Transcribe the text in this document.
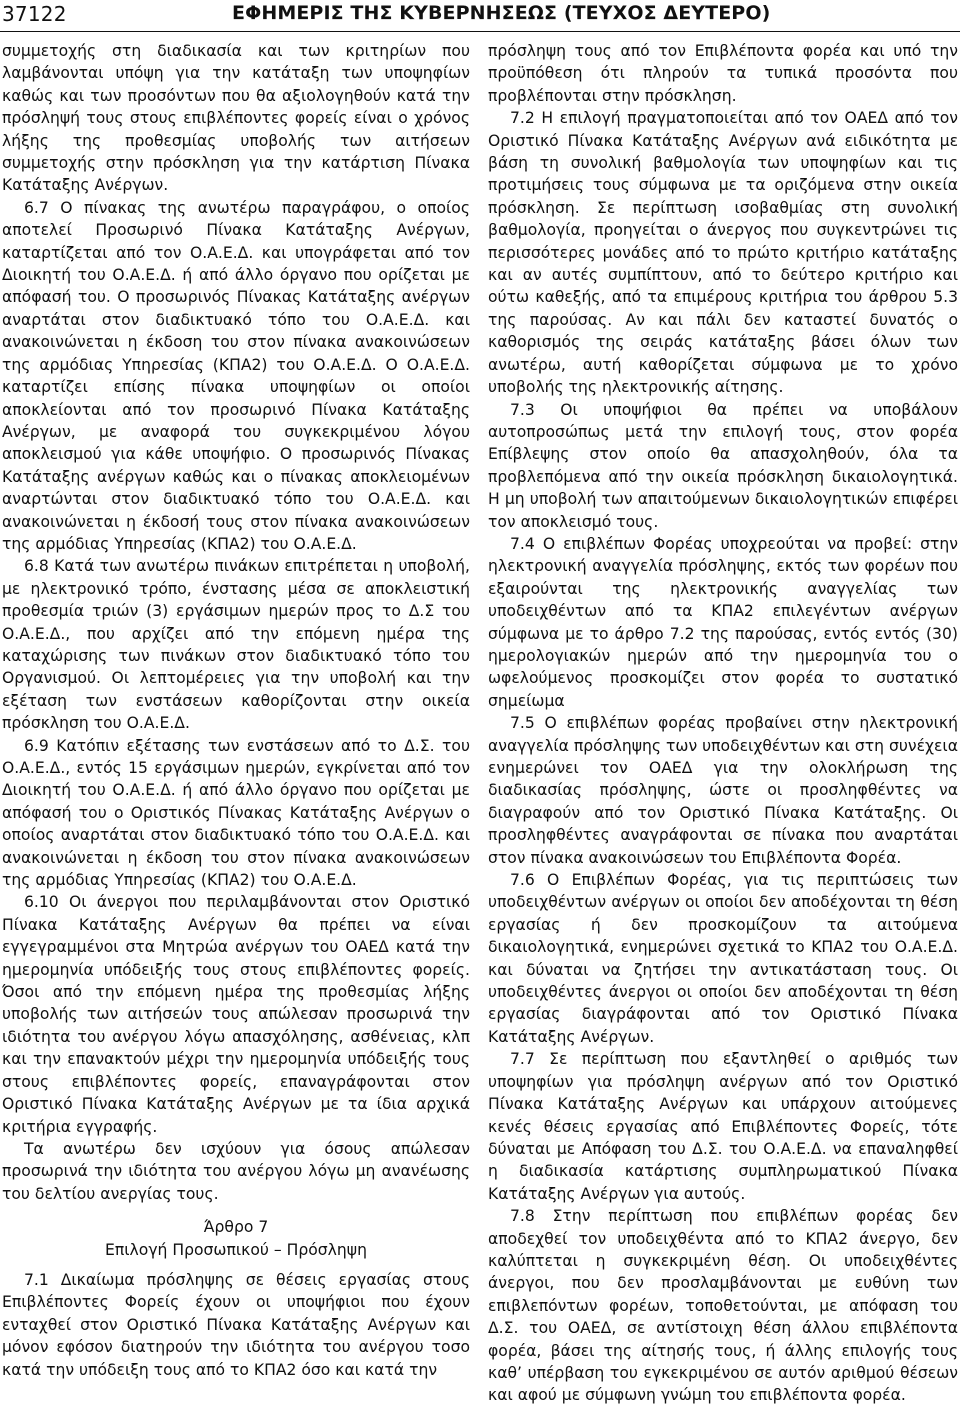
37122	ΕΦΗΜΕΡΙΣ ΤΗΣ ΚΥΒΕΡΝΗΣΕΩΣ (ΤΕΥΧΟΣ ΔΕΥΤΕΡΟ)

συμμετοχής στη διαδικασία και των κριτηρίων που λαμβάνονται υπόψη για την κατάταξη των υποψηφίων καθώς και των προσόντων που θα αξιολογηθούν κατά την πρόσληψή τους στους επιβλέποντες φορείς είναι ο χρόνος λήξης της προθεσμίας υποβολής των αιτήσεων συμμετοχής στην πρόσκληση για την κατάρτιση Πίνακα Κατάταξης Ανέργων.

6.7 Ο πίνακας της ανωτέρω παραγράφου, ο οποίος αποτελεί Προσωρινό Πίνακα Κατάταξης Ανέργων, καταρτίζεται από τον Ο.Α.Ε.Δ. και υπογράφεται από τον Διοικητή του Ο.Α.Ε.Δ. ή από άλλο όργανο που ορίζεται με απόφασή του. Ο προσωρινός Πίνακας Κατάταξης ανέργων αναρτάται στον διαδικτυακό τόπο του Ο.Α.Ε.Δ. και ανακοινώνεται η έκδοση του στον πίνακα ανακοινώσεων της αρμόδιας Υπηρεσίας (ΚΠΑ2) του Ο.Α.Ε.Δ. Ο Ο.Α.Ε.Δ. καταρτίζει επίσης πίνακα υποψηφίων οι οποίοι αποκλείονται από τον προσωρινό Πίνακα Κατάταξης Ανέργων, με αναφορά του συγκεκριμένου λόγου αποκλεισμού για κάθε υποψήφιο. Ο προσωρινός Πίνακας Κατάταξης ανέργων καθώς και ο πίνακας αποκλειομένων αναρτώνται στον διαδικτυακό τόπο του Ο.Α.Ε.Δ. και ανακοινώνεται η έκδοσή τους στον πίνακα ανακοινώσεων της αρμόδιας Υπηρεσίας (ΚΠΑ2) του Ο.Α.Ε.Δ.

6.8 Κατά των ανωτέρω πινάκων επιτρέπεται η υποβολή, με ηλεκτρονικό τρόπο, ένστασης μέσα σε αποκλειστική προθεσμία τριών (3) εργάσιμων ημερών προς το Δ.Σ του Ο.Α.Ε.Δ., που αρχίζει από την επόμενη ημέρα της καταχώρισης των πινάκων στον διαδικτυακό τόπο του Οργανισμού. Οι λεπτομέρειες για την υποβολή και την εξέταση των ενστάσεων καθορίζονται στην οικεία πρόσκληση του Ο.Α.Ε.Δ.

6.9 Κατόπιν εξέτασης των ενστάσεων από το Δ.Σ. του Ο.Α.Ε.Δ., εντός 15 εργάσιμων ημερών, εγκρίνεται από τον Διοικητή του Ο.Α.Ε.Δ. ή από άλλο όργανο που ορίζεται με απόφασή του ο Οριστικός Πίνακας Κατάταξης Ανέργων ο οποίος αναρτάται στον διαδικτυακό τόπο του Ο.Α.Ε.Δ. και ανακοινώνεται η έκδοση του στον πίνακα ανακοινώσεων της αρμόδιας Υπηρεσίας (ΚΠΑ2) του Ο.Α.Ε.Δ.

6.10 Οι άνεργοι που περιλαμβάνονται στον Οριστικό Πίνακα Κατάταξης Ανέργων θα πρέπει να είναι εγγεγραμμένοι στα Μητρώα ανέργων του ΟΑΕΔ κατά την ημερομηνία υπόδειξής τους στους επιβλέποντες φορείς. Όσοι από την επόμενη ημέρα της προθεσμίας λήξης υποβολής των αιτήσεών τους απώλεσαν προσωρινά την ιδιότητα του ανέργου λόγω απασχόλησης, ασθένειας, κλπ και την επανακτούν μέχρι την ημερομηνία υπόδειξής τους στους επιβλέποντες φορείς, επαναγράφονται στον Οριστικό Πίνακα Κατάταξης Ανέργων με τα ίδια αρχικά κριτήρια εγγραφής.

Τα ανωτέρω δεν ισχύουν για όσους απώλεσαν προσωρινά την ιδιότητα του ανέργου λόγω μη ανανέωσης του δελτίου ανεργίας τους.

Άρθρο 7

Επιλογή Προσωπικού – Πρόσληψη

7.1 Δικαίωμα πρόσληψης σε θέσεις εργασίας στους Επιβλέποντες Φορείς έχουν οι υποψήφιοι που έχουν ενταχθεί στον Οριστικό Πίνακα Κατάταξης Ανέργων και μόνον εφόσον διατηρούν την ιδιότητα του ανέργου τοσο κατά την υπόδειξη τους από το ΚΠΑ2 όσο και κατά την

πρόσληψη τους από τον Επιβλέποντα φορέα και υπό την προϋπόθεση ότι πληρούν τα τυπικά προσόντα που προβλέπονται στην πρόσκληση.

7.2 Η επιλογή πραγματοποιείται από τον ΟΑΕΔ από τον Οριστικό Πίνακα Κατάταξης Ανέργων ανά ειδικότητα με βάση τη συνολική βαθμολογία των υποψηφίων και τις προτιμήσεις τους σύμφωνα με τα οριζόμενα στην οικεία πρόσκληση. Σε περίπτωση ισοβαθμίας στη συνολική βαθμολογία, προηγείται ο άνεργος που συγκεντρώνει τις περισσότερες μονάδες από το πρώτο κριτήριο κατάταξης και αν αυτές συμπίπτουν, από το δεύτερο κριτήριο και ούτω καθεξής, από τα επιμέρους κριτήρια του άρθρου 5.3 της παρούσας. Αν και πάλι δεν καταστεί δυνατός ο καθορισμός της σειράς κατάταξης βάσει όλων των ανωτέρω, αυτή καθορίζεται σύμφωνα με το χρόνο υποβολής της ηλεκτρονικής αίτησης.

7.3 Οι υποψήφιοι θα πρέπει να υποβάλουν αυτοπροσώπως μετά την επιλογή τους, στον φορέα Επίβλεψης στον οποίο θα απασχοληθούν, όλα τα προβλεπόμενα από την οικεία πρόσκληση δικαιολογητικά. Η μη υποβολή των απαιτούμενων δικαιολογητικών επιφέρει τον αποκλεισμό τους.

7.4 Ο επιβλέπων Φορέας υποχρεούται να προβεί: στην ηλεκτρονική αναγγελία πρόσληψης, εκτός των φορέων που εξαιρούνται της ηλεκτρονικής αναγγελίας των υποδειχθέντων από τα ΚΠΑ2 επιλεγέντων ανέργων σύμφωνα με το άρθρο 7.2 της παρούσας, εντός εντός (30) ημερολογιακών ημερών από την ημερομηνία του ο ωφελούμενος προσκομίζει στον φορέα το συστατικό σημείωμα

7.5 Ο επιβλέπων φορέας προβαίνει στην ηλεκτρονική αναγγελία πρόσληψης των υποδειχθέντων και στη συνέχεια ενημερώνει τον ΟΑΕΔ για την ολοκλήρωση της διαδικασίας πρόσληψης, ώστε οι προσληφθέντες να διαγραφούν από τον Οριστικό Πίνακα Κατάταξης. Οι προσληφθέντες αναγράφονται σε πίνακα που αναρτάται στον πίνακα ανακοινώσεων του Επιβλέποντα Φορέα.

7.6 Ο Επιβλέπων Φορέας, για τις περιπτώσεις των υποδειχθέντων ανέργων οι οποίοι δεν αποδέχονται τη θέση εργασίας ή δεν προσκομίζουν τα αιτούμενα δικαιολογητικά, ενημερώνει σχετικά το ΚΠΑ2 του Ο.Α.Ε.Δ. και δύναται να ζητήσει την αντικατάσταση τους. Οι υποδειχθέντες άνεργοι οι οποίοι δεν αποδέχονται τη θέση εργασίας διαγράφονται από τον Οριστικό Πίνακα Κατάταξης Ανέργων.

7.7 Σε περίπτωση που εξαντληθεί ο αριθμός των υποψηφίων για πρόσληψη ανέργων από τον Οριστικό Πίνακα Κατάταξης Ανέργων και υπάρχουν αιτούμενες κενές θέσεις εργασίας από Επιβλέποντες Φορείς, τότε δύναται με Απόφαση του Δ.Σ. του Ο.Α.Ε.Δ. να επαναληφθεί η διαδικασία κατάρτισης συμπληρωματικού Πίνακα Κατάταξης Ανέργων για αυτούς.

7.8 Στην περίπτωση που επιβλέπων φορέας δεν αποδεχθεί τον υποδειχθέντα από το ΚΠΑ2 άνεργο, δεν καλύπτεται η συγκεκριμένη θέση. Οι υποδειχθέντες άνεργοι, που δεν προσλαμβάνονται με ευθύνη των επιβλεπόντων φορέων, τοποθετούνται, με απόφαση του Δ.Σ. του ΟΑΕΔ, σε αντίστοιχη θέση άλλου επιβλέποντα φορέα, βάσει της αίτησής τους, ή άλλης επιλογής τους καθ’ υπέρβαση του εγκεκριμένου σε αυτόν αριθμού θέσεων και αφού με σύμφωνη γνώμη του επιβλέποντα φορέα.
